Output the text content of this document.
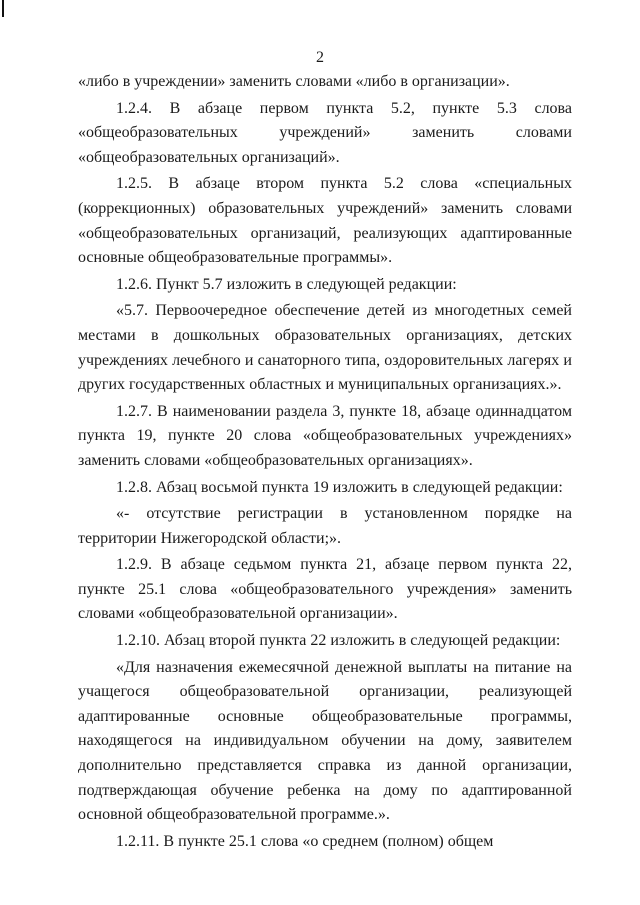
2

«либо в учреждении» заменить словами «либо в организации».

1.2.4. В абзаце первом пункта 5.2, пункте 5.3 слова «общеобразовательных учреждений» заменить словами «общеобразовательных организаций».

1.2.5. В абзаце втором пункта 5.2 слова «специальных (коррекционных) образовательных учреждений» заменить словами «общеобразовательных организаций, реализующих адаптированные основные общеобразовательные программы».

1.2.6. Пункт 5.7 изложить в следующей редакции:

«5.7. Первоочередное обеспечение детей из многодетных семей местами в дошкольных образовательных организациях, детских учреждениях лечебного и санаторного типа, оздоровительных лагерях и других государственных областных и муниципальных организациях.».

1.2.7. В наименовании раздела 3, пункте 18, абзаце одиннадцатом пункта 19, пункте 20 слова «общеобразовательных учреждениях» заменить словами «общеобразовательных организациях».

1.2.8. Абзац восьмой пункта 19 изложить в следующей редакции:

«- отсутствие регистрации в установленном порядке на территории Нижегородской области;».

1.2.9. В абзаце седьмом пункта 21, абзаце первом пункта 22, пункте 25.1 слова «общеобразовательного учреждения» заменить словами «общеобразовательной организации».

1.2.10. Абзац второй пункта 22 изложить в следующей редакции:

«Для назначения ежемесячной денежной выплаты на питание на учащегося общеобразовательной организации, реализующей адаптированные основные общеобразовательные программы, находящегося на индивидуальном обучении на дому, заявителем дополнительно представляется справка из данной организации, подтверждающая обучение ребенка на дому по адаптированной основной общеобразовательной программе.».

1.2.11. В пункте 25.1 слова «о среднем (полном) общем
